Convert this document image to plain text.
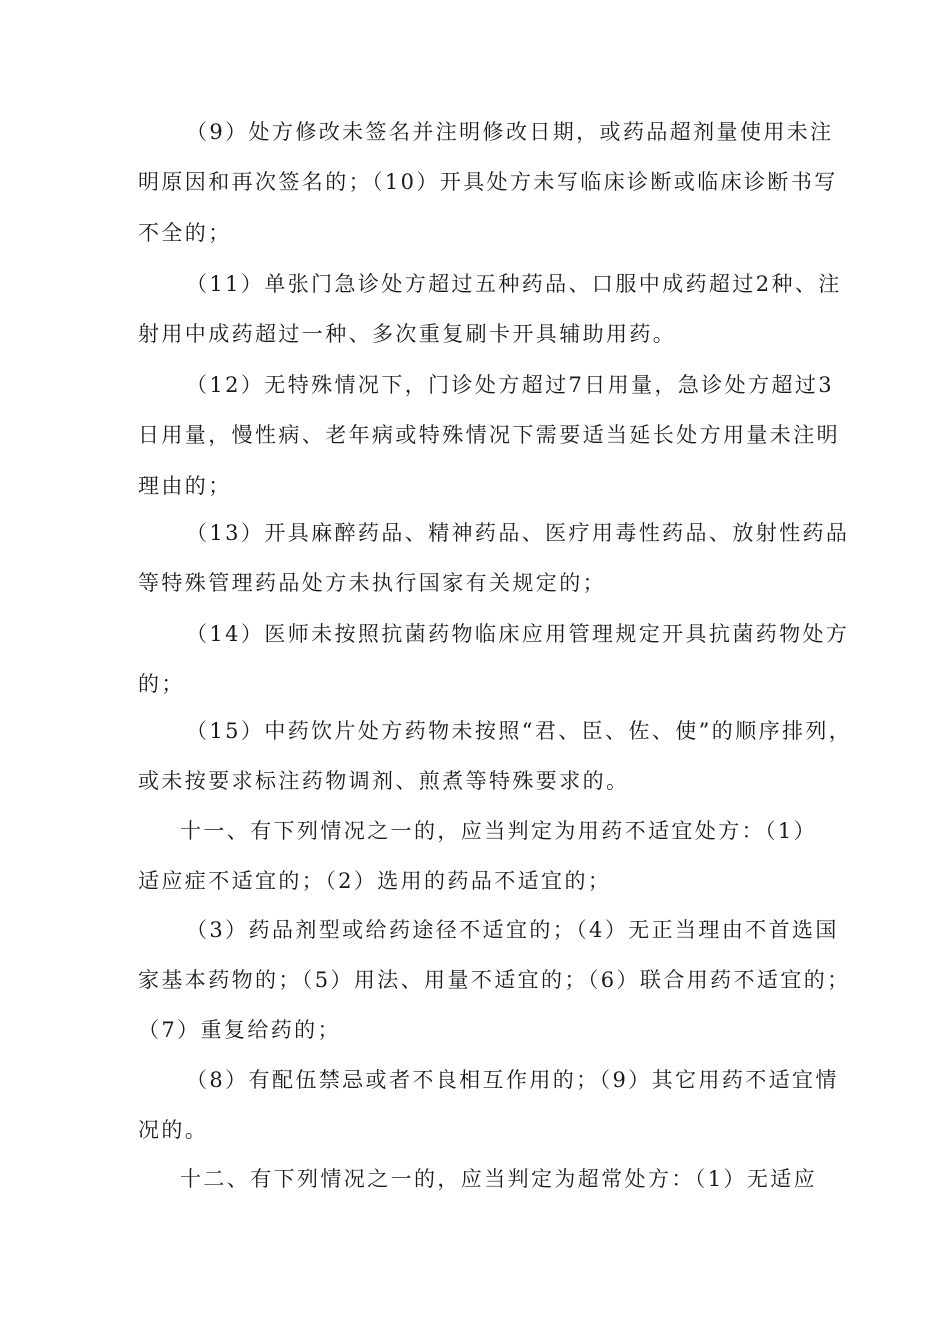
（9）处方修改未签名并注明修改日期，或药品超剂量使用未注

明原因和再次签名的；（10）开具处方未写临床诊断或临床诊断书写

不全的；

（11）单张门急诊处方超过五种药品、口服中成药超过2种、注

射用中成药超过一种、多次重复刷卡开具辅助用药。

（12）无特殊情况下，门诊处方超过7日用量，急诊处方超过3

日用量，慢性病、老年病或特殊情况下需要适当延长处方用量未注明

理由的；

（13）开具麻醉药品、精神药品、医疗用毒性药品、放射性药品

等特殊管理药品处方未执行国家有关规定的；

（14）医师未按照抗菌药物临床应用管理规定开具抗菌药物处方

的；

（15）中药饮片处方药物未按照“君、臣、佐、使”的顺序排列，

或未按要求标注药物调剂、煎煮等特殊要求的。

十一、有下列情况之一的，应当判定为用药不适宜处方：（1）

适应症不适宜的；（2）选用的药品不适宜的；

（3）药品剂型或给药途径不适宜的；（4）无正当理由不首选国

家基本药物的；（5）用法、用量不适宜的；（6）联合用药不适宜的；

（7）重复给药的；

（8）有配伍禁忌或者不良相互作用的；（9）其它用药不适宜情

况的。

十二、有下列情况之一的，应当判定为超常处方：（1）无适应
